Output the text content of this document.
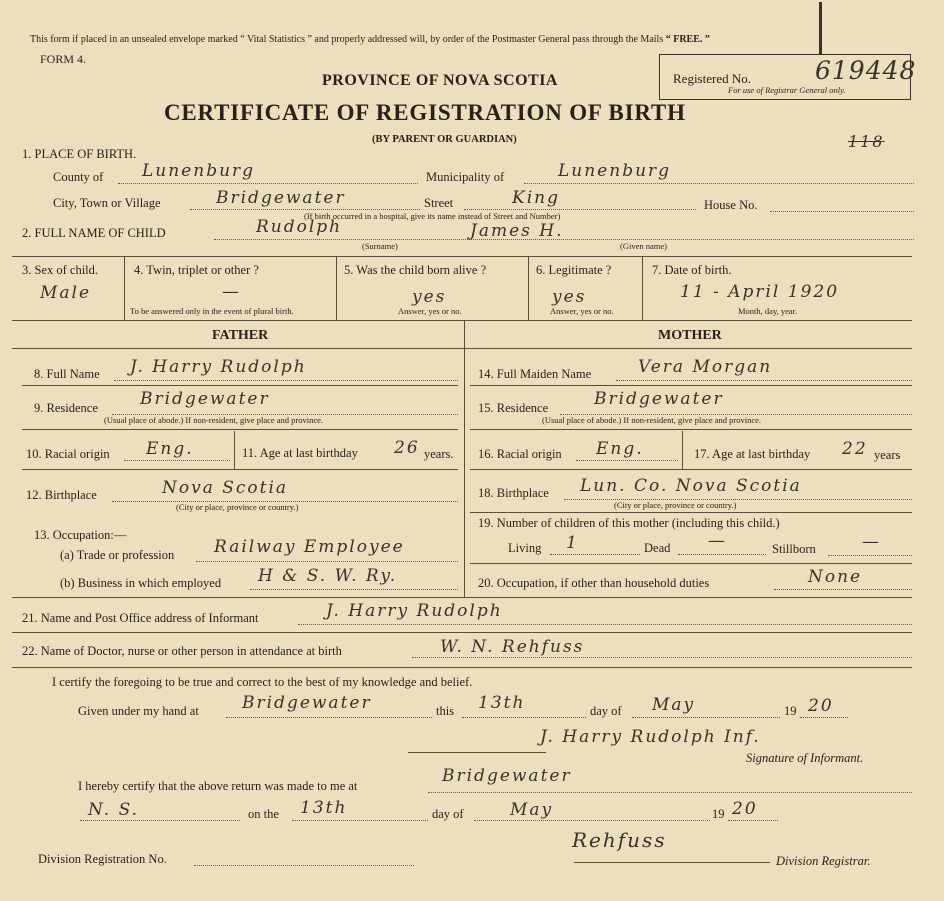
This form if placed in an unsealed envelope marked “ Vital Statistics ” and properly addressed will, by order of the Postmaster General pass through the Mails “ FREE. ”
FORM 4.
PROVINCE OF NOVA SCOTIA
CERTIFICATE OF REGISTRATION OF BIRTH
(BY PARENT OR GUARDIAN)
Registered No.
For use of Registrar General only.
619448
118
1. PLACE OF BIRTH.
County of Lunenburg	Municipality of	Lunenburg
City, Town or Village	Bridgewater	Street	King	House No.
(If birth occurred in a hospital, give its name instead of Street and Number)
2. FULL NAME OF CHILD	Rudolph	James H.
(Surname)	(Given name)
3. Sex of child.
Male
4. Twin, triplet or other ?
—
To be answered only in the event of plural birth.
5. Was the child born alive ?
yes
Answer, yes or no.
6. Legitimate ?
yes
Answer, yes or no.
7. Date of birth.
11 - April 1920
Month, day, year.
FATHER	MOTHER
8. Full Name J. Harry Rudolph
9. Residence Bridgewater
(Usual place of abode.) If non-resident, give place and province.
10. Racial origin Eng.	11. Age at last birthday 26 years.
12. Birthplace	Nova Scotia
(City or place, province or country.)
13. Occupation:—
(a) Trade or profession Railway Employee
(b) Business in which employed H & S. W. Ry.
14. Full Maiden Name	Vera Morgan
15. Residence	Bridgewater
(Usual place of abode.) If non-resident, give place and province.
16. Racial origin Eng.	17. Age at last birthday 22 years
18. Birthplace Lun. Co. Nova Scotia
(City or place, province or country.)
19. Number of children of this mother (including this child.)
Living 1	Dead —	Stillborn	—
20. Occupation, if other than household duties	None
21. Name and Post Office address of Informant	J. Harry Rudolph
22. Name of Doctor, nurse or other person in attendance at birth	W. N. Rehfuss
I certify the foregoing to be true and correct to the best of my knowledge and belief.
Given under my hand at	Bridgewater	this 13th	day of May	19 20
J. Harry Rudolph Inf.
Signature of Informant.
I hereby certify that the above return was made to me at	Bridgewater
N. S.	on the 13th	day of	May	19 20
Rehfuss
Division Registration No.	Division Registrar.
